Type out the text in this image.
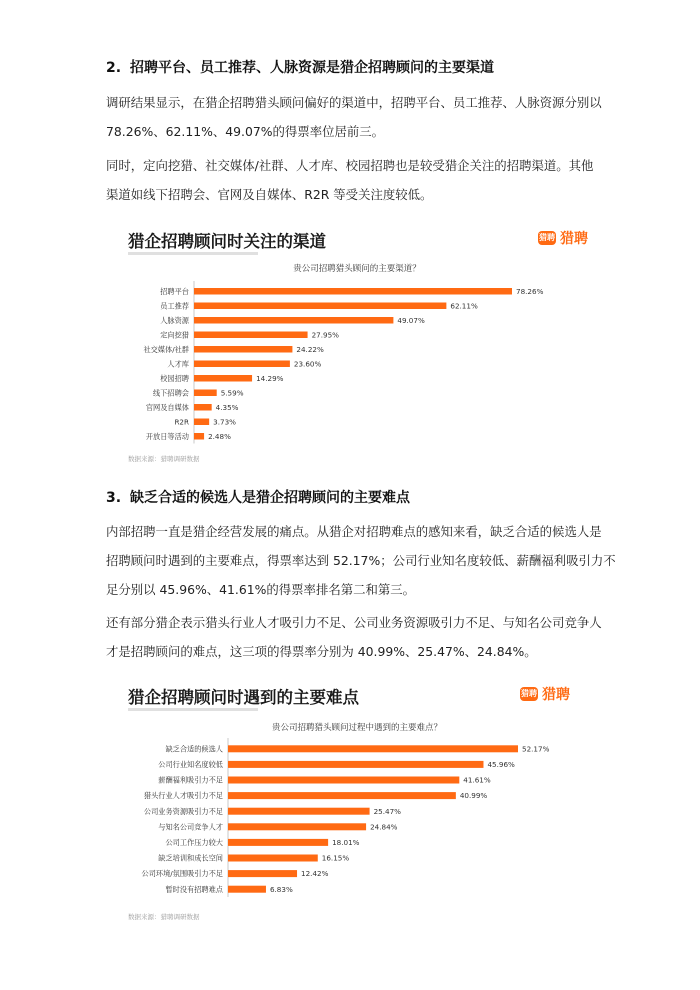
2. 招聘平台、员工推荐、人脉资源是猎企招聘顾问的主要渠道
调研结果显示，在猎企招聘猎头顾问偏好的渠道中，招聘平台、员工推荐、人脉资源分别以
78.26%、62.11%、49.07%的得票率位居前三。
同时，定向挖猎、社交媒体/社群、人才库、校园招聘也是较受猎企关注的招聘渠道。其他
渠道如线下招聘会、官网及自媒体、R2R 等受关注度较低。
猎企招聘顾问时关注的渠道	猎聘 猎聘
贵公司招聘猎头顾问的主要渠道？
招聘平台	78.26%
员工推荐	62.11%
人脉资源	49.07%
定向挖猎	27.95%
社交媒体/社群	24.22%
人才库	23.60%
校园招聘	14.29%
线下招聘会	5.59%
官网及自媒体	4.35%
R2R	3.73%
开放日等活动	2.48%
数据来源：猎聘调研数据
3. 缺乏合适的候选人是猎企招聘顾问的主要难点
内部招聘一直是猎企经营发展的痛点。从猎企对招聘难点的感知来看，缺乏合适的候选人是
招聘顾问时遇到的主要难点，得票率达到 52.17%；公司行业知名度较低、薪酬福利吸引力不
足分别以 45.96%、41.61%的得票率排名第二和第三。
还有部分猎企表示猎头行业人才吸引力不足、公司业务资源吸引力不足、与知名公司竞争人
才是招聘顾问的难点，这三项的得票率分别为 40.99%、25.47%、24.84%。
猎企招聘顾问时遇到的主要难点	猎聘 猎聘
贵公司招聘猎头顾问过程中遇到的主要难点？
缺乏合适的候选人	52.17%
公司行业知名度较低	45.96%
薪酬福利吸引力不足	41.61%
猎头行业人才吸引力不足	40.99%
公司业务资源吸引力不足	25.47%
与知名公司竞争人才	24.84%
公司工作压力较大	18.01%
缺乏培训和成长空间	16.15%
公司环境/氛围吸引力不足	12.42%
暂时没有招聘难点	6.83%
数据来源：猎聘调研数据
